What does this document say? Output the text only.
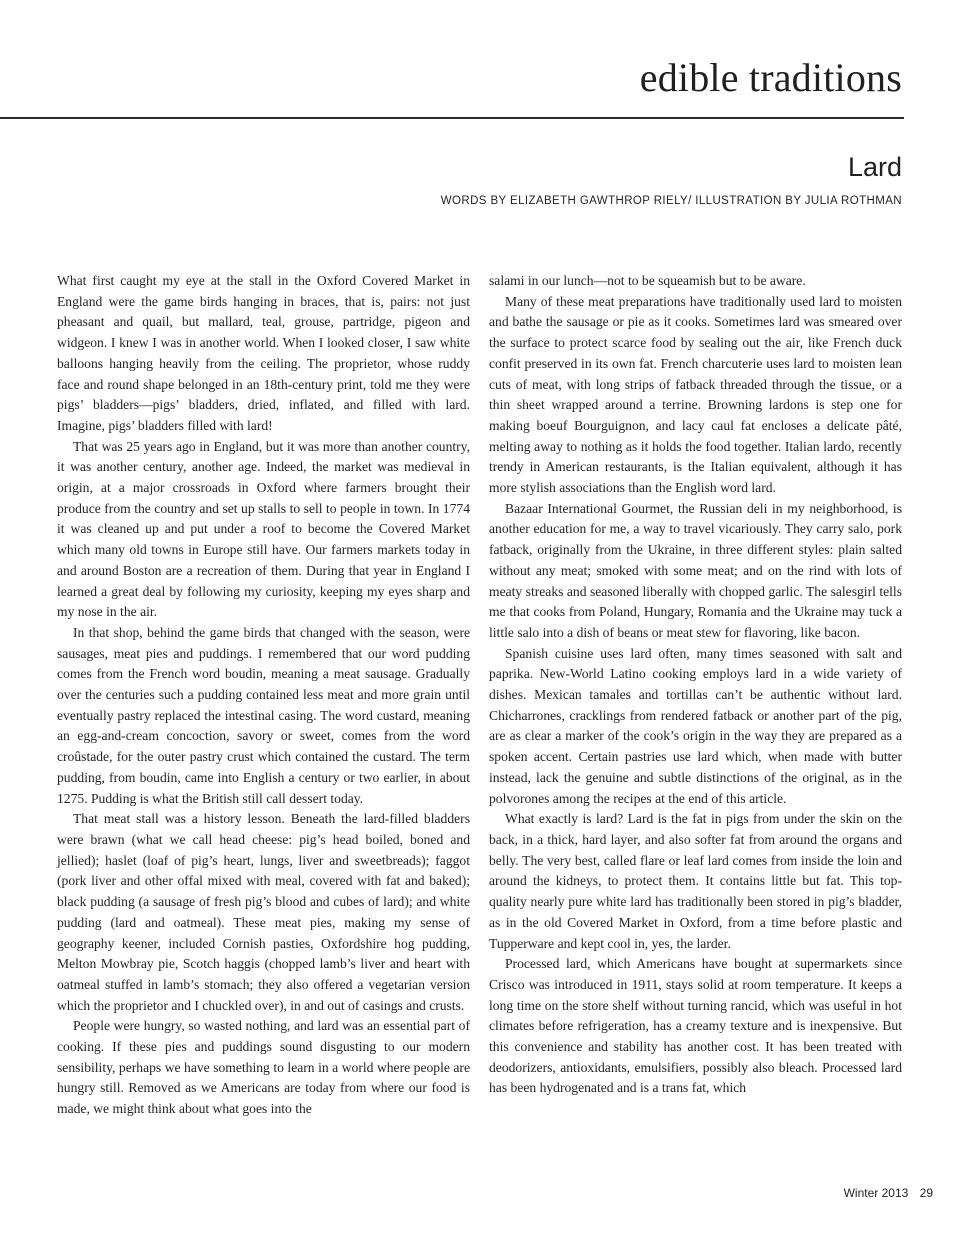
edible traditions
Lard
WORDS BY ELIZABETH GAWTHROP RIELY/ ILLUSTRATION BY JULIA ROTHMAN

What first caught my eye at the stall in the Oxford Covered Market in England were the game birds hanging in braces, that is, pairs: not just pheasant and quail, but mallard, teal, grouse, partridge, pigeon and widgeon. I knew I was in another world. When I looked closer, I saw white balloons hanging heavily from the ceiling. The proprietor, whose ruddy face and round shape belonged in an 18th-century print, told me they were pigs’ bladders—pigs’ bladders, dried, inflated, and filled with lard. Imagine, pigs’ bladders filled with lard!

That was 25 years ago in England, but it was more than another country, it was another century, another age. Indeed, the market was medieval in origin, at a major crossroads in Oxford where farmers brought their produce from the country and set up stalls to sell to people in town. In 1774 it was cleaned up and put under a roof to become the Covered Market which many old towns in Europe still have. Our farmers markets today in and around Boston are a recreation of them. During that year in England I learned a great deal by following my curiosity, keeping my eyes sharp and my nose in the air.

In that shop, behind the game birds that changed with the season, were sausages, meat pies and puddings. I remembered that our word pudding comes from the French word boudin, meaning a meat sausage. Gradually over the centuries such a pudding contained less meat and more grain until eventually pastry replaced the intestinal casing. The word custard, meaning an egg-and-cream concoction, savory or sweet, comes from the word croûstade, for the outer pastry crust which contained the custard. The term pudding, from boudin, came into English a century or two earlier, in about 1275. Pudding is what the British still call dessert today.

That meat stall was a history lesson. Beneath the lard-filled bladders were brawn (what we call head cheese: pig’s head boiled, boned and jellied); haslet (loaf of pig’s heart, lungs, liver and sweetbreads); faggot (pork liver and other offal mixed with meal, covered with fat and baked); black pudding (a sausage of fresh pig’s blood and cubes of lard); and white pudding (lard and oatmeal). These meat pies, making my sense of geography keener, included Cornish pasties, Oxfordshire hog pudding, Melton Mowbray pie, Scotch haggis (chopped lamb’s liver and heart with oatmeal stuffed in lamb’s stomach; they also offered a vegetarian version which the proprietor and I chuckled over), in and out of casings and crusts.

People were hungry, so wasted nothing, and lard was an essential part of cooking. If these pies and puddings sound disgusting to our modern sensibility, perhaps we have something to learn in a world where people are hungry still. Removed as we Americans are today from where our food is made, we might think about what goes into the

salami in our lunch—not to be squeamish but to be aware.

Many of these meat preparations have traditionally used lard to moisten and bathe the sausage or pie as it cooks. Sometimes lard was smeared over the surface to protect scarce food by sealing out the air, like French duck confit preserved in its own fat. French charcuterie uses lard to moisten lean cuts of meat, with long strips of fatback threaded through the tissue, or a thin sheet wrapped around a terrine. Browning lardons is step one for making boeuf Bourguignon, and lacy caul fat encloses a delicate pâté, melting away to nothing as it holds the food together. Italian lardo, recently trendy in American restaurants, is the Italian equivalent, although it has more stylish associations than the English word lard.

Bazaar International Gourmet, the Russian deli in my neighborhood, is another education for me, a way to travel vicariously. They carry salo, pork fatback, originally from the Ukraine, in three different styles: plain salted without any meat; smoked with some meat; and on the rind with lots of meaty streaks and seasoned liberally with chopped garlic. The salesgirl tells me that cooks from Poland, Hungary, Romania and the Ukraine may tuck a little salo into a dish of beans or meat stew for flavoring, like bacon.

Spanish cuisine uses lard often, many times seasoned with salt and paprika. New-World Latino cooking employs lard in a wide variety of dishes. Mexican tamales and tortillas can’t be authentic without lard. Chicharrones, cracklings from rendered fatback or another part of the pig, are as clear a marker of the cook’s origin in the way they are prepared as a spoken accent. Certain pastries use lard which, when made with butter instead, lack the genuine and subtle distinctions of the original, as in the polvorones among the recipes at the end of this article.

What exactly is lard? Lard is the fat in pigs from under the skin on the back, in a thick, hard layer, and also softer fat from around the organs and belly. The very best, called flare or leaf lard comes from inside the loin and around the kidneys, to protect them. It contains little but fat. This top-quality nearly pure white lard has traditionally been stored in pig’s bladder, as in the old Covered Market in Oxford, from a time before plastic and Tupperware and kept cool in, yes, the larder.

Processed lard, which Americans have bought at supermarkets since Crisco was introduced in 1911, stays solid at room temperature. It keeps a long time on the store shelf without turning rancid, which was useful in hot climates before refrigeration, has a creamy texture and is inexpensive. But this convenience and stability has another cost. It has been treated with deodorizers, antioxidants, emulsifiers, possibly also bleach. Processed lard has been hydrogenated and is a trans fat, which

Winter 2013 29
